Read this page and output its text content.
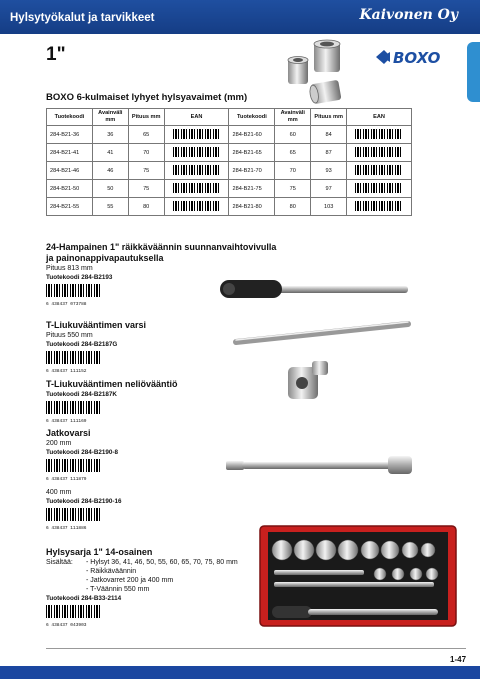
Hylsytyökalut ja tarvikkeet	Kaivonen Oy
1"	BOXO
BOXO 6-kulmaiset lyhyet hylsyavaimet (mm)
Tuotekoodi	Avainväli mm	Pituus mm	EAN	Tuotekoodi	Avainväli mm	Pituus mm	EAN
284-B21-36	36	65		284-B21-60	60	84	
284-B21-41	41	70		284-B21-65	65	87	
284-B21-46	46	75		284-B21-70	70	93	
284-B21-50	50	75		284-B21-75	75	97	
284-B21-55	55	80		284-B21-80	80	103	
24-Hampainen 1" räikkäväännin suunnanvaihtovivulla
ja painonappivapautuksella
Pituus 813 mm
Tuotekoodi 284-B2193
6 438437 073788
T-Liukuvääntimen varsi
Pituus 550 mm
Tuotekoodi 284-B2187G
6 438437 111152
T-Liukuvääntimen neliövääntiö
Tuotekoodi 284-B2187K
6 438437 111169
Jatkovarsi
200 mm
Tuotekoodi 284-B2190-8
6 438437 111879
400 mm
Tuotekoodi 284-B2190-16
6 438437 111886
Hylsysarja 1" 14-osainen
Sisältää:	- Hylsyt 36, 41, 46, 50, 55, 60, 65, 70, 75, 80 mm
- Räikkäväännin
- Jatkovarret 200 ja 400 mm
- T-Väännin 550 mm
Tuotekoodi 284-B33-2114
6 438437 043903
1-47
